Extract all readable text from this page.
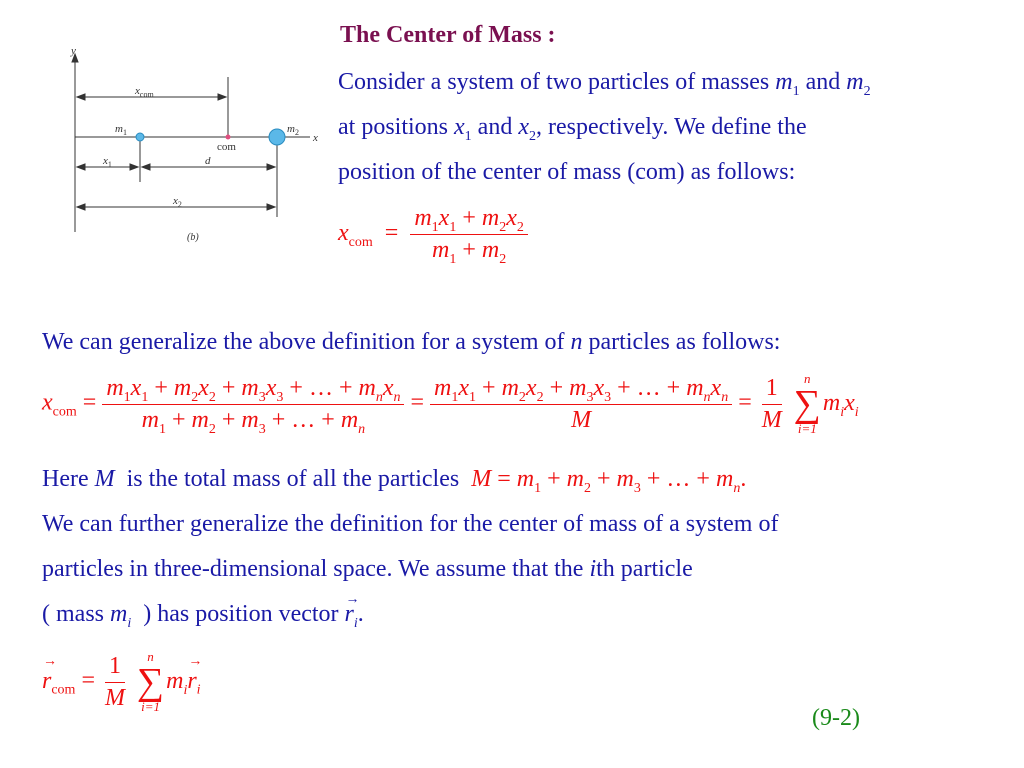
y
x
$x_{com}$
$m_1$	$m_2$
com
$x_1$	d
$x_2$
(b)
The Center of Mass :
Consider a system of two particles of masses $m_1$ and $m_2$
at positions $x_1$ and $x_2$, respectively. We define the
position of the center of mass (com) as follows:
$x_{com} = \frac{m_1x_1 + m_2x_2}{m_1 + m_2}$
We can generalize the above definition for a system of n particles as follows:
$x_{com} = \frac{m_1x_1 + m_2x_2 + m_3x_3 + \dots + m_nx_n}{m_1 + m_2 + m_3 + \dots + m_n} = \frac{m_1x_1 + m_2x_2 + m_3x_3 + \dots + m_nx_n}{M} = \frac{1}{M}$
n
∑
i=1
$m_ix_i$
Here M is the total mass of all the particles $M = m_1 + m_2 + m_3$ + … + $m_n$.
We can further generalize the definition for the center of mass of a system of
particles in three-dimensional space. We assume that the ith particle
( mass $m_i$ ) has position vector → $r_i$.
→ $r_{com} = \frac{1}{M}$
n
∑
i=1
$m_i\to r_i$
(9-2)
